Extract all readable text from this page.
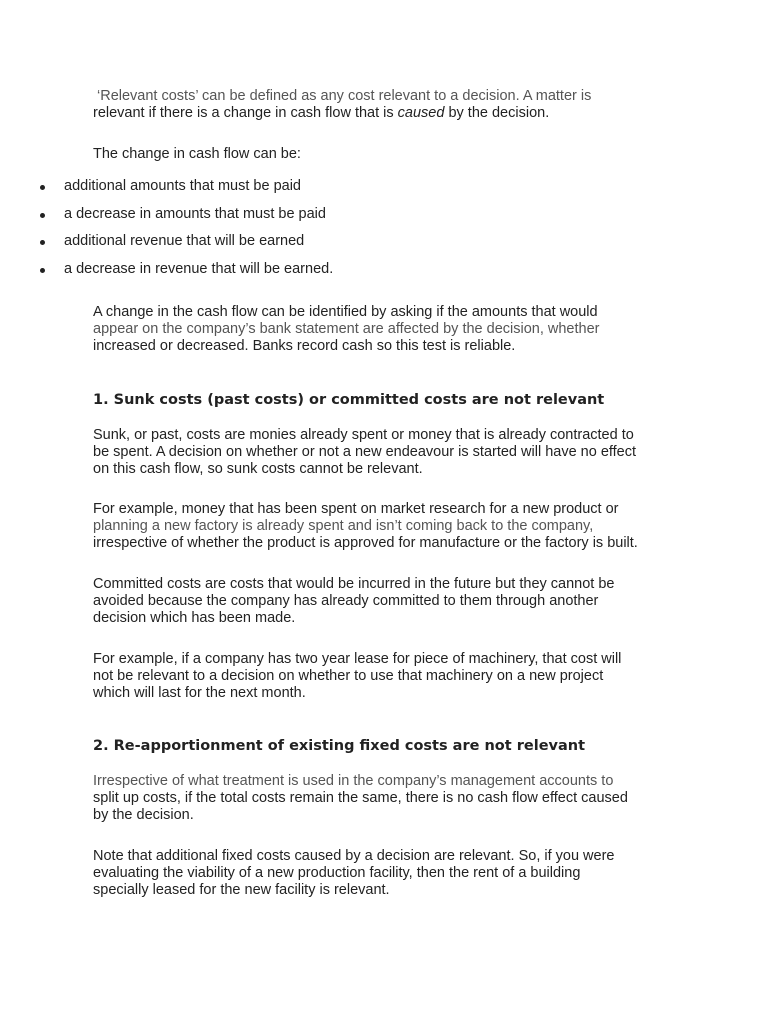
‘Relevant costs’ can be defined as any cost relevant to a decision. A matter is
relevant if there is a change in cash flow that is caused by the decision.

The change in cash flow can be:

additional amounts that must be paid
a decrease in amounts that must be paid
additional revenue that will be earned
a decrease in revenue that will be earned.

A change in the cash flow can be identified by asking if the amounts that would
appear on the company’s bank statement are affected by the decision, whether
increased or decreased. Banks record cash so this test is reliable.

1. Sunk costs (past costs) or committed costs are not relevant

Sunk, or past, costs are monies already spent or money that is already contracted to
be spent. A decision on whether or not a new endeavour is started will have no effect
on this cash flow, so sunk costs cannot be relevant.

For example, money that has been spent on market research for a new product or
planning a new factory is already spent and isn’t coming back to the company,
irrespective of whether the product is approved for manufacture or the factory is built.

Committed costs are costs that would be incurred in the future but they cannot be
avoided because the company has already committed to them through another
decision which has been made.

For example, if a company has two year lease for piece of machinery, that cost will
not be relevant to a decision on whether to use that machinery on a new project
which will last for the next month.

2. Re-apportionment of existing fixed costs are not relevant

Irrespective of what treatment is used in the company’s management accounts to
split up costs, if the total costs remain the same, there is no cash flow effect caused
by the decision.

Note that additional fixed costs caused by a decision are relevant. So, if you were
evaluating the viability of a new production facility, then the rent of a building
specially leased for the new facility is relevant.
